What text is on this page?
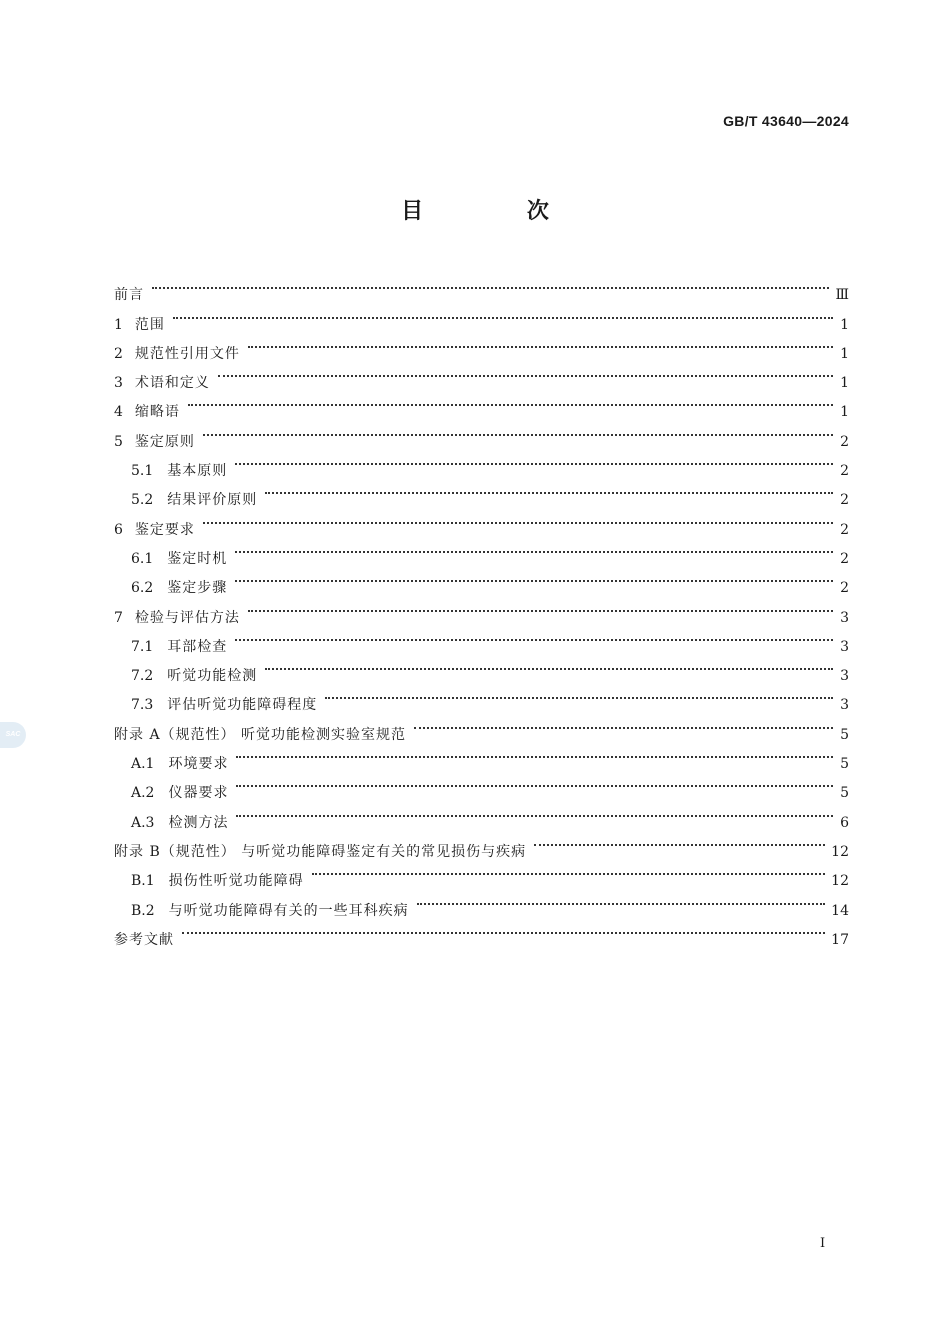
GB/T 43640—2024
目 次
SAC
前言	Ⅲ
1 范围	1
2 规范性引用文件	1
3 术语和定义	1
4 缩略语	1
5 鉴定原则	2
5.1 基本原则	2
5.2 结果评价原则	2
6 鉴定要求	2
6.1 鉴定时机	2
6.2 鉴定步骤	2
7 检验与评估方法	3
7.1 耳部检查	3
7.2 听觉功能检测	3
7.3 评估听觉功能障碍程度	3
附录 A（规范性） 听觉功能检测实验室规范	5
A.1 环境要求	5
A.2 仪器要求	5
A.3 检测方法	6
附录 B（规范性） 与听觉功能障碍鉴定有关的常见损伤与疾病	12
B.1 损伤性听觉功能障碍	12
B.2 与听觉功能障碍有关的一些耳科疾病	14
参考文献	17
Ⅰ
